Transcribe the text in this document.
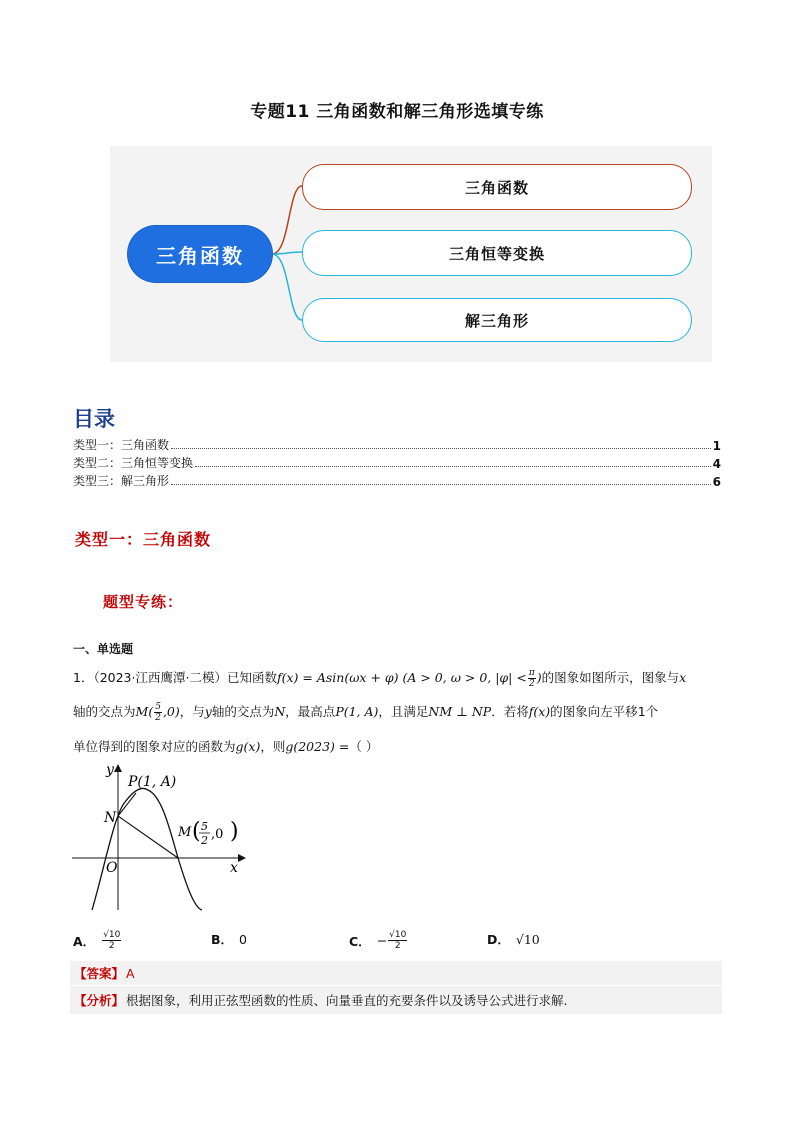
专题11 三角函数和解三角形选填专练
三角函数
三角函数
三角恒等变换
解三角形
目录
类型一：三角函数	1
类型二：三角恒等变换	4
类型三：解三角形	6
类型一：三角函数
题型专练：
一、单选题
1．（2023·江西鹰潭·二模）已知函数f(x) = Asin(ωx + φ) (A > 0, ω > 0, $|\varphi| < \frac{\pi}{2}$ )的图象如图所示，图象与x
轴的交点为$M( \frac{5}{2} ,0)$，与y轴的交点为N，最高点P(1, A)，且满足NM ⊥ NP．若将f(x)的图象向左平移1个
单位得到的图象对应的函数为g(x)，则g(2023) =（ ）
y
x
O
N
P(1, A)
M ( 5
2 ,0 )
A． $\frac{√10}{2}$	B． 0	C． − $\frac{√10}{2}$	D． √10
【答案】 A
【分析】 根据图象，利用正弦型函数的性质、向量垂直的充要条件以及诱导公式进行求解.
